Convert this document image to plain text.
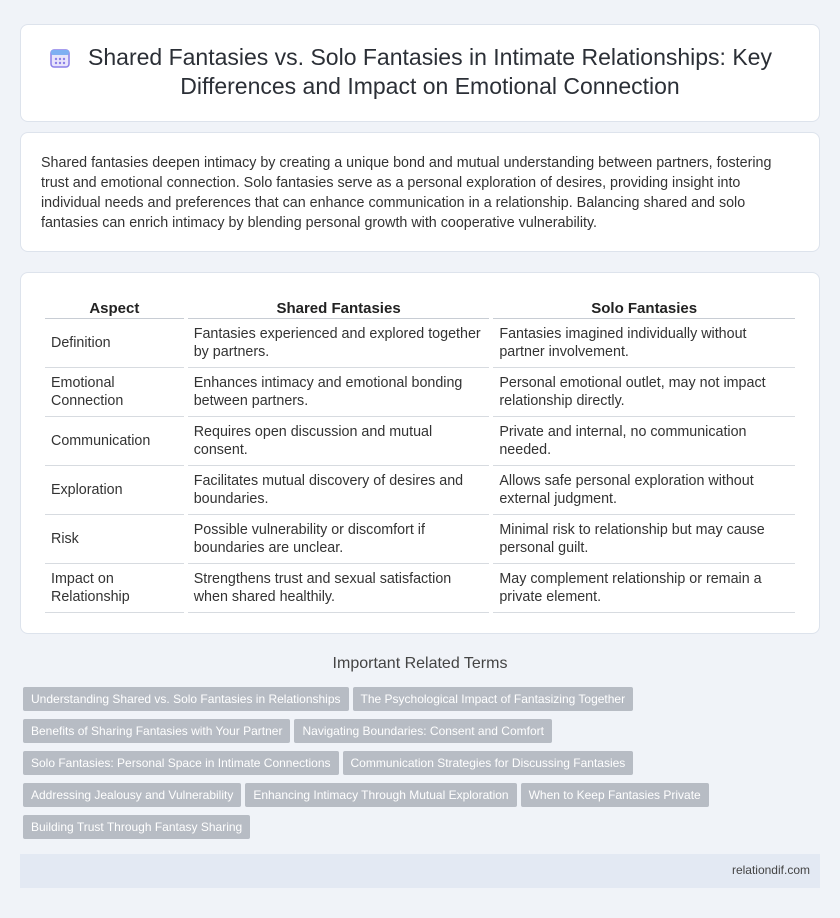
Shared Fantasies vs. Solo Fantasies in Intimate Relationships: Key Differences and Impact on Emotional Connection

Shared fantasies deepen intimacy by creating a unique bond and mutual understanding between partners, fostering trust and emotional connection. Solo fantasies serve as a personal exploration of desires, providing insight into individual needs and preferences that can enhance communication in a relationship. Balancing shared and solo fantasies can enrich intimacy by blending personal growth with cooperative vulnerability.

Aspect	Shared Fantasies	Solo Fantasies
Definition	Fantasies experienced and explored together by partners.	Fantasies imagined individually without partner involvement.
Emotional Connection	Enhances intimacy and emotional bonding between partners.	Personal emotional outlet, may not impact relationship directly.
Communication	Requires open discussion and mutual consent.	Private and internal, no communication needed.
Exploration	Facilitates mutual discovery of desires and boundaries.	Allows safe personal exploration without external judgment.
Risk	Possible vulnerability or discomfort if boundaries are unclear.	Minimal risk to relationship but may cause personal guilt.
Impact on Relationship	Strengthens trust and sexual satisfaction when shared healthily.	May complement relationship or remain a private element.
Important Related Terms
Understanding Shared vs. Solo Fantasies in Relationships The Psychological Impact of Fantasizing Together
Benefits of Sharing Fantasies with Your Partner Navigating Boundaries: Consent and Comfort
Solo Fantasies: Personal Space in Intimate Connections Communication Strategies for Discussing Fantasies
Addressing Jealousy and Vulnerability Enhancing Intimacy Through Mutual Exploration When to Keep Fantasies Private
Building Trust Through Fantasy Sharing
relationdif.com
